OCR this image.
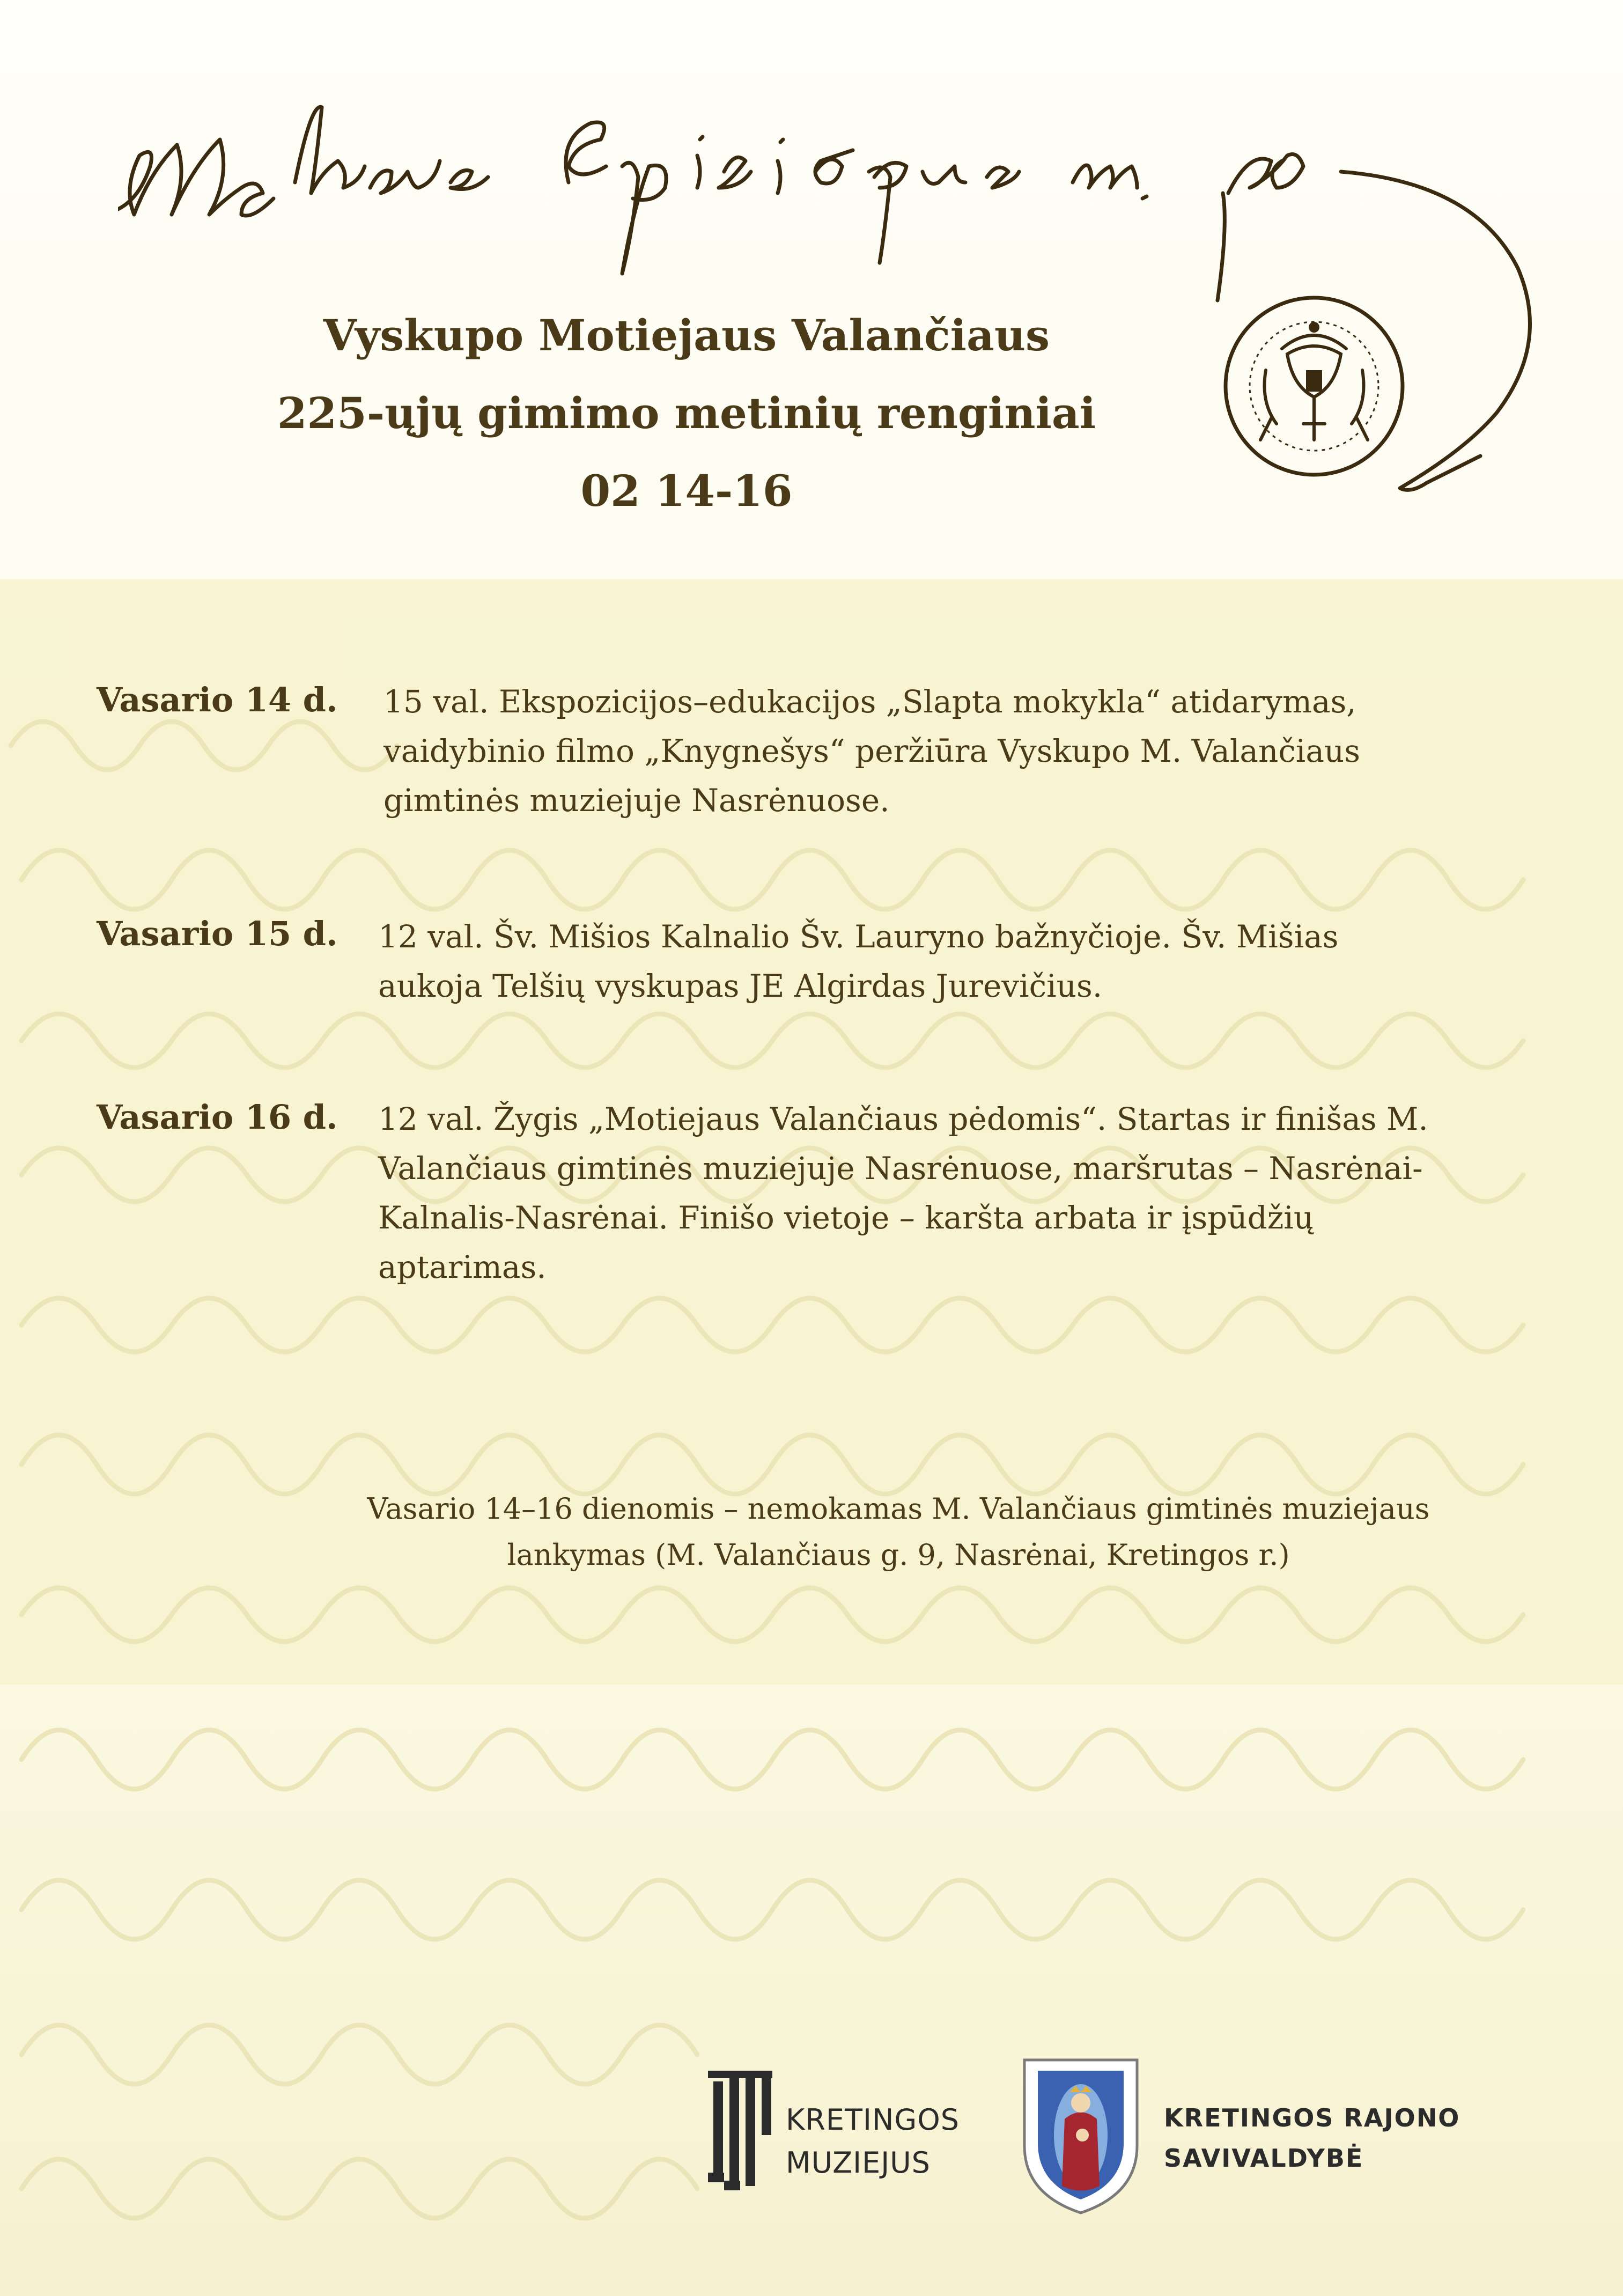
Vyskupo Motiejaus Valančiaus
225-ųjų gimimo metinių renginiai
02 14-16
Vasario 14 d. 15 val. Ekspozicijos–edukacijos „Slapta mokykla“ atidarymas, vaidybinio filmo „Knygnešys“ peržiūra Vyskupo M. Valančiaus gimtinės muziejuje Nasrėnuose.
Vasario 15 d. 12 val. Šv. Mišios Kalnalio Šv. Lauryno bažnyčioje. Šv. Mišias aukoja Telšių vyskupas JE Algirdas Jurevičius.
Vasario 16 d. 12 val. Žygis „Motiejaus Valančiaus pėdomis“. Startas ir finišas M. Valančiaus gimtinės muziejuje Nasrėnuose, maršrutas – Nasrėnai-Kalnalis-Nasrėnai. Finišo vietoje – karšta arbata ir įspūdžių aptarimas.
Vasario 14–16 dienomis – nemokamas M. Valančiaus gimtinės muziejaus lankymas (M. Valančiaus g. 9, Nasrėnai, Kretingos r.)
KRETINGOS
MUZIEJUS
KRETINGOS RAJONO
SAVIVALDYBĖ
